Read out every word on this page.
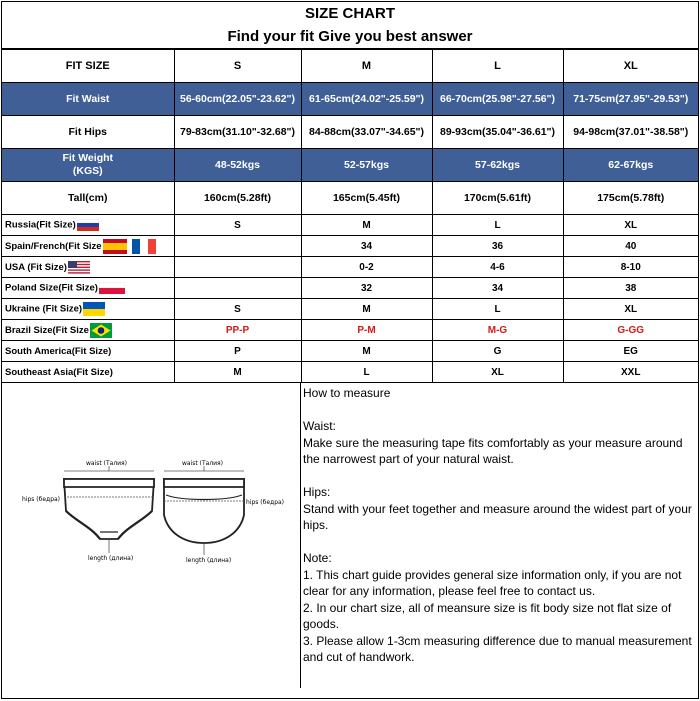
SIZE CHART
Find your fit Give you best answer
FIT SIZE	S	M	L	XL
Fit Waist	56-60cm(22.05"-23.62")	61-65cm(24.02"-25.59")	66-70cm(25.98"-27.56")	71-75cm(27.95"-29.53")
Fit Hips	79-83cm(31.10"-32.68")	84-88cm(33.07"-34.65")	89-93cm(35.04"-36.61")	94-98cm(37.01"-38.58")

Fit Weight
(KGS)	48-52kgs	52-57kgs	57-62kgs	62-67kgs
Tall(cm)	160cm(5.28ft)	165cm(5.45ft)	170cm(5.61ft)	175cm(5.78ft)
Russia(Fit Size)	S	M	L	XL
Spain/French(Fit Size		34	36	40
USA (Fit Size)		0-2	4-6	8-10
Poland Size(Fit Size)		32	34	38
Ukraine (Fit Size)	S	M	L	XL
Brazil Size(Fit Size	PP-P	P-M	M-G	G-GG
South America(Fit Size)	P	M	G	EG
Southeast Asia(Fit Size)	M	L	XL	XXL
waist (Талия)	waist (Талия)
hips (бедра)	hips (бедра)
length (длина)	length (длина)

How to measure

Waist:

Make sure the measuring tape fits comfortably as your measure around the narrowest part of your natural waist.

Hips:

Stand with your feet together and measure around the widest part of your hips.

Note:

1. This chart guide provides general size information only, if you are not clear for any information, please feel free to contact us.

2. In our chart size, all of meansure size is fit body size not flat size of goods.

3. Please allow 1-3cm measuring difference due to manual measurement and cut of handwork.
